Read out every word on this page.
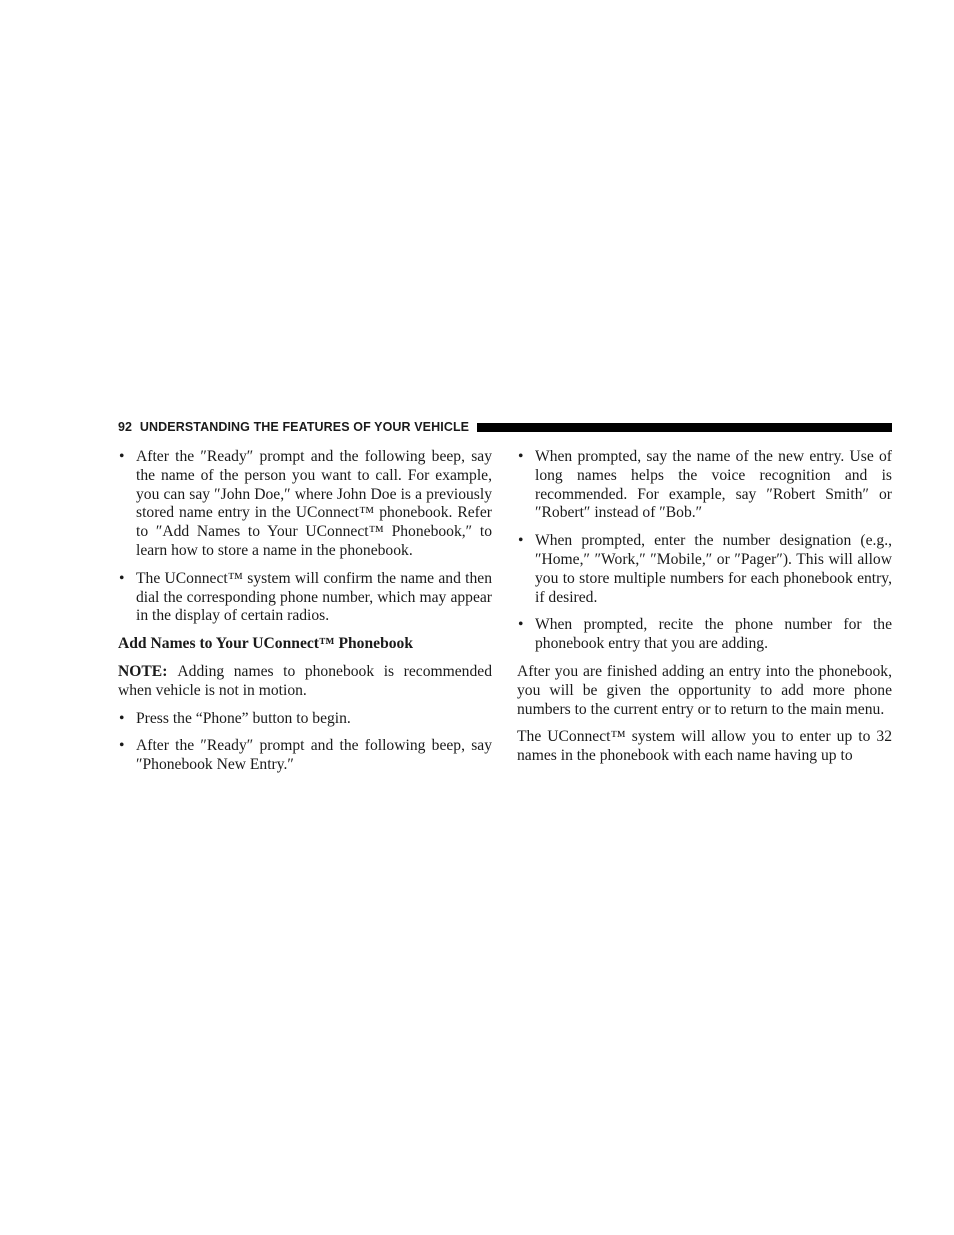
92 UNDERSTANDING THE FEATURES OF YOUR VEHICLE
• After the ″Ready″ prompt and the following beep, say the name of the person you want to call. For example, you can say ″John Doe,″ where John Doe is a previously stored name entry in the UConnect™ phonebook. Refer to ″Add Names to Your UConnect™ Phonebook,″ to learn how to store a name in the phonebook.
• The UConnect™ system will confirm the name and then dial the corresponding phone number, which may appear in the display of certain radios.
Add Names to Your UConnect™ Phonebook
NOTE: Adding names to phonebook is recommended when vehicle is not in motion.
• Press the “Phone” button to begin.
• After the ″Ready″ prompt and the following beep, say ″Phonebook New Entry.″
• When prompted, say the name of the new entry. Use of long names helps the voice recognition and is recommended. For example, say ″Robert Smith″ or ″Robert″ instead of ″Bob.″
• When prompted, enter the number designation (e.g., ″Home,″ ″Work,″ ″Mobile,″ or ″Pager″). This will allow you to store multiple numbers for each phonebook entry, if desired.
• When prompted, recite the phone number for the phonebook entry that you are adding.
After you are finished adding an entry into the phonebook, you will be given the opportunity to add more phone numbers to the current entry or to return to the main menu.
The UConnect™ system will allow you to enter up to 32 names in the phonebook with each name having up to
